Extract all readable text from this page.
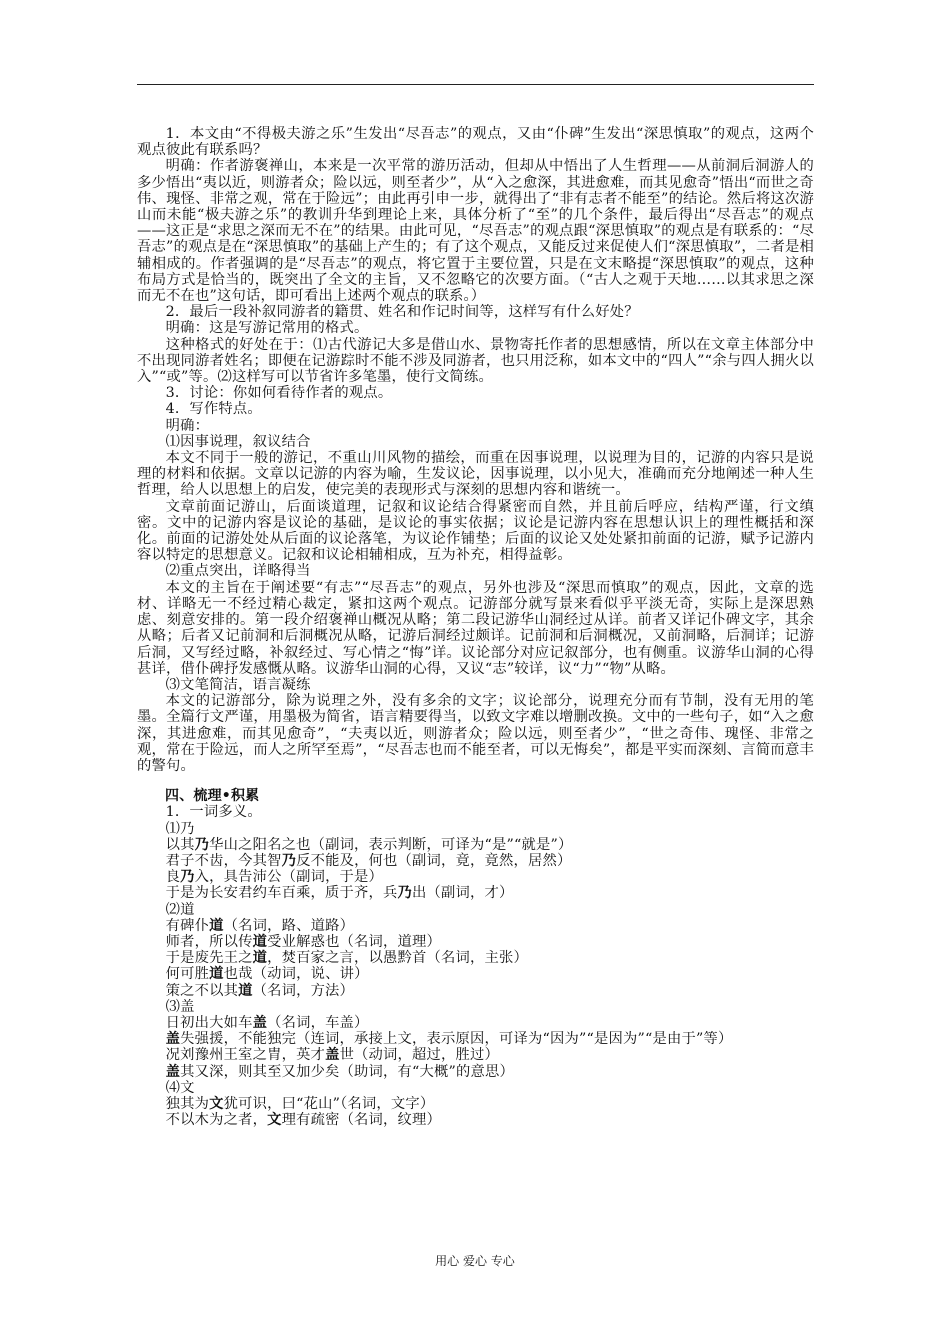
1．本文由“不得极夫游之乐”生发出“尽吾志”的观点，又由“仆碑”生发出“深思慎取”的观点，这两个观点彼此有联系吗？

明确：作者游褒禅山，本来是一次平常的游历活动，但却从中悟出了人生哲理——从前洞后洞游人的多少悟出“夷以近，则游者众；险以远，则至者少”，从“入之愈深，其进愈难，而其见愈奇”悟出“而世之奇伟、瑰怪、非常之观，常在于险远”；由此再引申一步，就得出了“非有志者不能至”的结论。然后将这次游山而未能“极夫游之乐”的教训升华到理论上来，具体分析了“至”的几个条件，最后得出“尽吾志”的观点——这正是“求思之深而无不在”的结果。由此可见，“尽吾志”的观点跟“深思慎取”的观点是有联系的：“尽吾志”的观点是在“深思慎取”的基础上产生的；有了这个观点，又能反过来促使人们“深思慎取”，二者是相辅相成的。作者强调的是“尽吾志”的观点，将它置于主要位置，只是在文末略提“深思慎取”的观点，这种布局方式是恰当的，既突出了全文的主旨，又不忽略它的次要方面。（“古人之观于天地……以其求思之深而无不在也”这句话，即可看出上述两个观点的联系。）

2．最后一段补叙同游者的籍贯、姓名和作记时间等，这样写有什么好处？

明确：这是写游记常用的格式。

这种格式的好处在于：⑴古代游记大多是借山水、景物寄托作者的思想感情，所以在文章主体部分中不出现同游者姓名；即便在记游踪时不能不涉及同游者，也只用泛称，如本文中的“四人”“余与四人拥火以入”“或”等。⑵这样写可以节省许多笔墨，使行文简练。

3．讨论：你如何看待作者的观点。

4．写作特点。

明确：

⑴因事说理，叙议结合

本文不同于一般的游记，不重山川风物的描绘，而重在因事说理，以说理为目的，记游的内容只是说理的材料和依据。文章以记游的内容为喻，生发议论，因事说理，以小见大，准确而充分地阐述一种人生哲理，给人以思想上的启发，使完美的表现形式与深刻的思想内容和谐统一。

文章前面记游山，后面谈道理，记叙和议论结合得紧密而自然，并且前后呼应，结构严谨，行文缜密。文中的记游内容是议论的基础，是议论的事实依据；议论是记游内容在思想认识上的理性概括和深化。前面的记游处处从后面的议论落笔，为议论作铺垫；后面的议论又处处紧扣前面的记游，赋予记游内容以特定的思想意义。记叙和议论相辅相成，互为补充，相得益彰。

⑵重点突出，详略得当

本文的主旨在于阐述要“有志”“尽吾志”的观点，另外也涉及“深思而慎取”的观点，因此，文章的选材、详略无一不经过精心裁定，紧扣这两个观点。记游部分就写景来看似乎平淡无奇，实际上是深思熟虑、刻意安排的。第一段介绍褒禅山概况从略；第二段记游华山洞经过从详。前者又详记仆碑文字，其余从略；后者又记前洞和后洞概况从略，记游后洞经过颇详。记前洞和后洞概况，又前洞略，后洞详；记游后洞，又写经过略，补叙经过、写心情之“悔”详。议论部分对应记叙部分，也有侧重。议游华山洞的心得甚详，借仆碑抒发感慨从略。议游华山洞的心得，又议“志”较详，议“力”“物”从略。

⑶文笔简洁，语言凝练

本文的记游部分，除为说理之外，没有多余的文字；议论部分，说理充分而有节制，没有无用的笔墨。全篇行文严谨，用墨极为简省，语言精要得当，以致文字难以增删改换。文中的一些句子，如“入之愈深，其进愈难，而其见愈奇”，“夫夷以近，则游者众；险以远，则至者少”，“世之奇伟、瑰怪、非常之观，常在于险远，而人之所罕至焉”，“尽吾志也而不能至者，可以无悔矣”，都是平实而深刻、言简而意丰的警句。

四、梳理•积累

1．一词多义。

⑴乃

以其乃华山之阳名之也（副词，表示判断，可译为“是”“就是”）

君子不齿，今其智乃反不能及，何也（副词，竟，竟然，居然）

良乃入，具告沛公（副词，于是）

于是为长安君约车百乘，质于齐，兵乃出（副词，才）

⑵道

有碑仆道（名词，路、道路）

师者，所以传道受业解惑也（名词，道理）

于是废先王之道，焚百家之言，以愚黔首（名词，主张）

何可胜道也哉（动词，说、讲）

策之不以其道（名词，方法）

⑶盖

日初出大如车盖（名词，车盖）

盖失强援，不能独完（连词，承接上文，表示原因，可译为“因为”“是因为”“是由于”等）

况刘豫州王室之胄，英才盖世（动词，超过，胜过）

盖其又深，则其至又加少矣（助词，有“大概”的意思）

⑷文

独其为文犹可识，曰“花山”（名词，文字）

不以木为之者，文理有疏密（名词，纹理）

用心 爱心 专心
